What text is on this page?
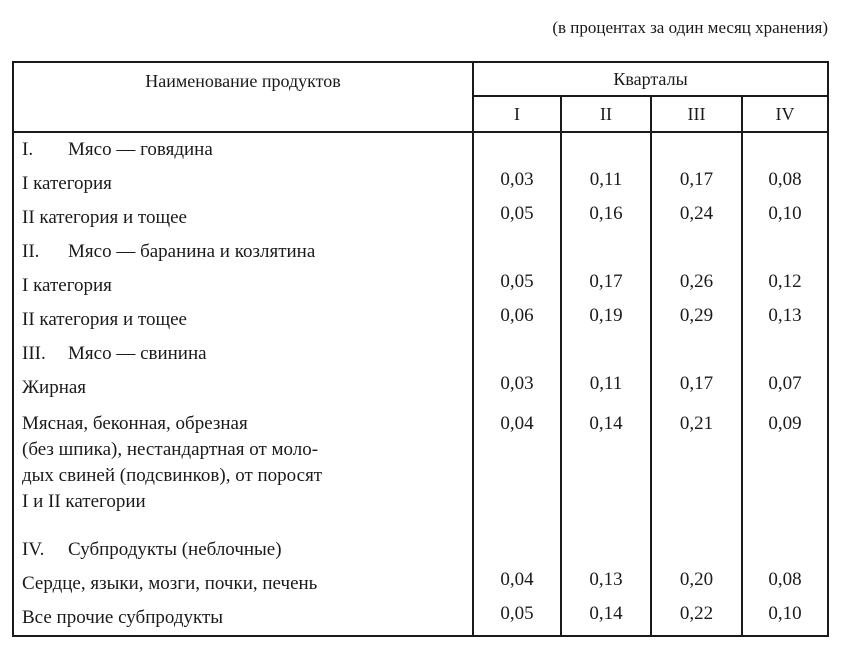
(в процентах за один месяц хранения)
Наименование продуктов	Кварталы			
	I	II	III	IV
I. Мясо — говядина				
I категория	0,03	0,11	0,17	0,08
II категория и тощее	0,05	0,16	0,24	0,10
II. Мясо — баранина и козлятина				
I категория	0,05	0,17	0,26	0,12
II категория и тощее	0,06	0,19	0,29	0,13
III. Мясо — свинина				
Жирная	0,03	0,11	0,17	0,07

Мясная, беконная, обрезная
(без шпика), нестандартная от моло-
дых свиней (подсвинков), от поросят
I и II категории	0,04	0,14	0,21	0,09
IV. Субпродукты (неблочные)				
Сердце, языки, мозги, почки, печень	0,04	0,13	0,20	0,08
Все прочие субпродукты	0,05	0,14	0,22	0,10
